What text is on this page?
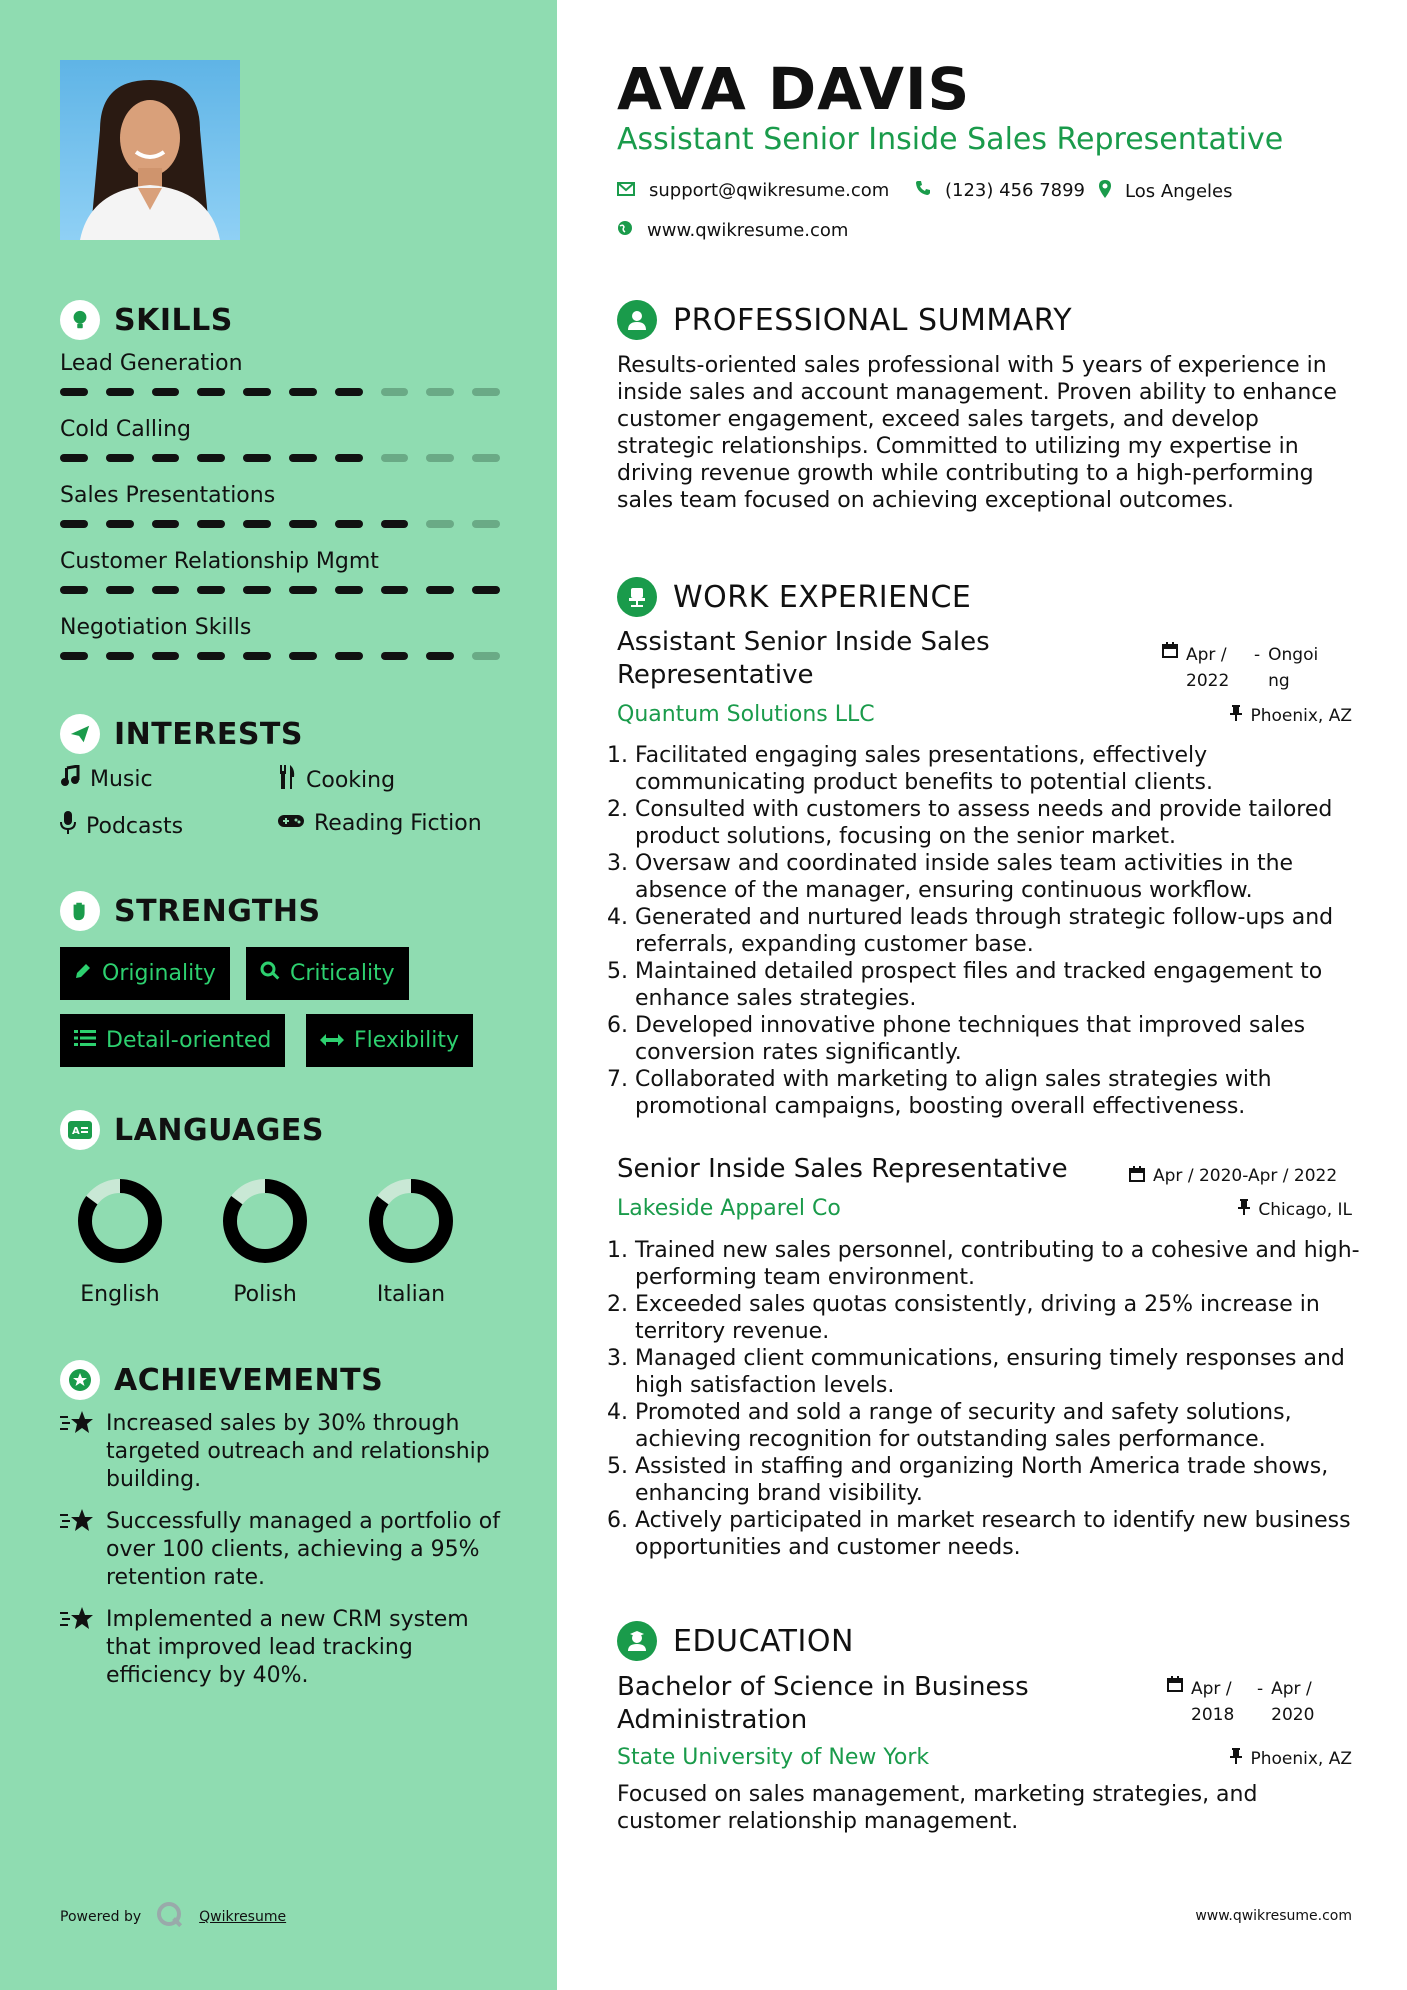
SKILLS
Lead Generation
Cold Calling
Sales Presentations
Customer Relationship Mgmt
Negotiation Skills
INTERESTS
Music	Cooking
Podcasts	Reading Fiction
STRENGTHS
Originality	Criticality
Detail-oriented	Flexibility
A LANGUAGES
English	Polish	Italian
ACHIEVEMENTS
Increased sales by 30% through targeted outreach and relationship building.
Successfully managed a portfolio of over 100 clients, achieving a 95% retention rate.
Implemented a new CRM system that improved lead tracking efficiency by 40%.
Powered by	Qwikresume
AVA DAVIS
Assistant Senior Inside Sales Representative
support@qwikresume.com	(123) 456 7899 Los Angeles
www.qwikresume.com
PROFESSIONAL SUMMARY
Results-oriented sales professional with 5 years of experience in inside sales and account management. Proven ability to enhance customer engagement, exceed sales targets, and develop strategic relationships. Committed to utilizing my expertise in driving revenue growth while contributing to a high-performing sales team focused on achieving exceptional outcomes.
WORK EXPERIENCE
Assistant Senior Inside Sales Representative
Apr / 2022
- Ongoing
Quantum Solutions LLC	Phoenix, AZ
1. Facilitated engaging sales presentations, effectively communicating product benefits to potential clients.
2. Consulted with customers to assess needs and provide tailored product solutions, focusing on the senior market.
3. Oversaw and coordinated inside sales team activities in the absence of the manager, ensuring continuous workflow.
4. Generated and nurtured leads through strategic follow-ups and referrals, expanding customer base.
5. Maintained detailed prospect files and tracked engagement to enhance sales strategies.
6. Developed innovative phone techniques that improved sales conversion rates significantly.
7. Collaborated with marketing to align sales strategies with promotional campaigns, boosting overall effectiveness.
Senior Inside Sales Representative	Apr / 2020-Apr / 2022
Lakeside Apparel Co	Chicago, IL
1. Trained new sales personnel, contributing to a cohesive and high-performing team environment.
2. Exceeded sales quotas consistently, driving a 25% increase in territory revenue.
3. Managed client communications, ensuring timely responses and high satisfaction levels.
4. Promoted and sold a range of security and safety solutions, achieving recognition for outstanding sales performance.
5. Assisted in staffing and organizing North America trade shows, enhancing brand visibility.
6. Actively participated in market research to identify new business opportunities and customer needs.
EDUCATION
Bachelor of Science in Business Administration
Apr / 2018
- Apr / 2020
State University of New York	Phoenix, AZ
Focused on sales management, marketing strategies, and customer relationship management.
www.qwikresume.com
